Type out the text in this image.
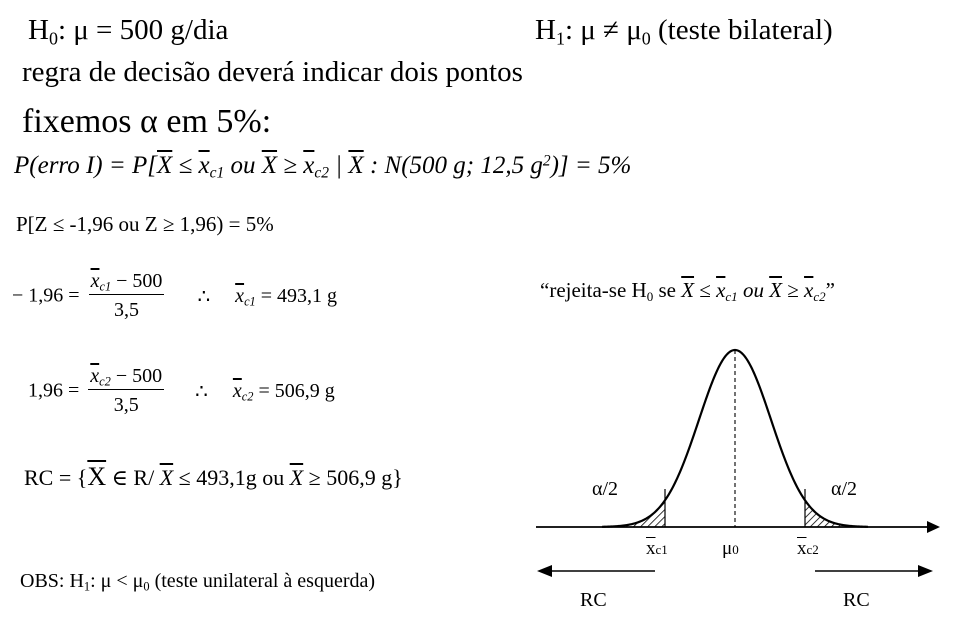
$H_0$: μ = 500 g/dia	$H_1$: $\mu \ne \mu_0$ (teste bilateral)
regra de decisão deverá indicar dois pontos
fixemos α em 5%:
P(erro $I) = P[\overline{X} \le \overline{x}_{c1}$ ou $\overline{X} \ge \overline{x}_{c2}$ | $\overline{X}$ : N(500 g; 12,5 $g^2)] = 5\%$
P[Z ≤ -1,96 ou Z ≥ 1,96) = 5%
− $1,96 = \frac{\overline{x}_{c1} - 500}{3,5}$ ∴ $\overline{x}_{c1} = 493,1$ g
$1,96 = \frac{\overline{x}_{c2} - 500}{3,5}$ ∴ $\overline{x}_{c2} = 506,9$ g
RC = {$\overline{X}$ ∈ R/ $\overline{X} \le 493,1g$ ou $\overline{X} \ge 506,9$ g}
“rejeita-se $H_0$ se $\overline{X} \le \overline{x}_{c1}$ ou $\overline{X} \ge \overline{x}_{c2}$”
OBS: $H_1$: $\mu < \mu_0$ (teste unilateral à esquerda)
α/2	α/2
$\overline{x}c1$	μ0	$\overline{x}c2$
RC	RC
